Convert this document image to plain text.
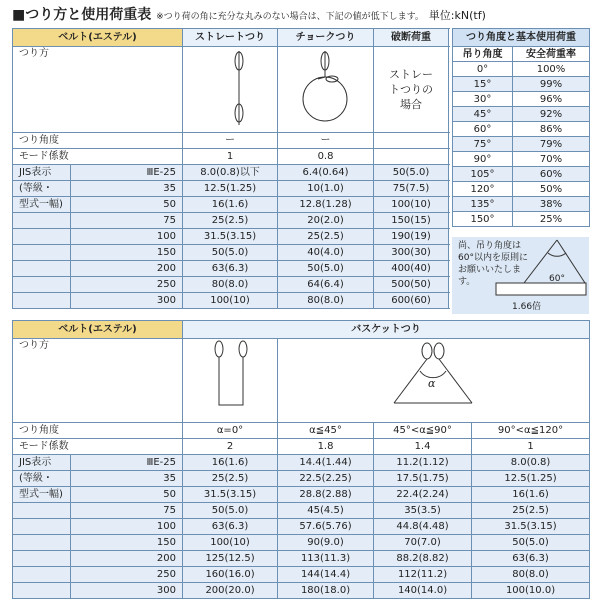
■つり方と使用荷重表 ※つり荷の角に充分な丸みのない場合は、下記の値が低下します。 単位:kN(tf)
ベルト(エステル)		ストレートつり	チョークつり	破断荷重
つり方				ストレートつりの場合
つり角度		ー	ー	
モード係数		1	0.8	
JIS表示	ⅢE-25	8.0(0.8)以下	6.4(0.64)	50(5.0)
(等級・	35	12.5(1.25)	10(1.0)	75(7.5)
型式一幅)	50	16(1.6)	12.8(1.28)	100(10)
	75	25(2.5)	20(2.0)	150(15)
	100	31.5(3.15)	25(2.5)	190(19)
	150	50(5.0)	40(4.0)	300(30)
	200	63(6.3)	50(5.0)	400(40)
	250	80(8.0)	64(6.4)	500(50)
	300	100(10)	80(8.0)	600(60)
つり角度と基本使用荷重	
吊り角度	安全荷重率
0°	100%
15°	99%
30°	96%
45°	92%
60°	86%
75°	79%
90°	70%
105°	60%
120°	50%
135°	38%
150°	25%
尚、吊り角度は60°以内を原則にお願いいたします。	60°
1.66倍
ベルト(エステル)		バスケットつり			
つり方			α		

つり角度		α=0°	α≦45°	45°<α≦90°	90°<α≦120°
モード係数		2	1.8	1.4	1
JIS表示	ⅢE-25	16(1.6)	14.4(1.44)	11.2(1.12)	8.0(0.8)
(等級・	35	25(2.5)	22.5(2.25)	17.5(1.75)	12.5(1.25)
型式一幅)	50	31.5(3.15)	28.8(2.88)	22.4(2.24)	16(1.6)
	75	50(5.0)	45(4.5)	35(3.5)	25(2.5)
	100	63(6.3)	57.6(5.76)	44.8(4.48)	31.5(3.15)
	150	100(10)	90(9.0)	70(7.0)	50(5.0)
	200	125(12.5)	113(11.3)	88.2(8.82)	63(6.3)
	250	160(16.0)	144(14.4)	112(11.2)	80(8.0)
	300	200(20.0)	180(18.0)	140(14.0)	100(10.0)
